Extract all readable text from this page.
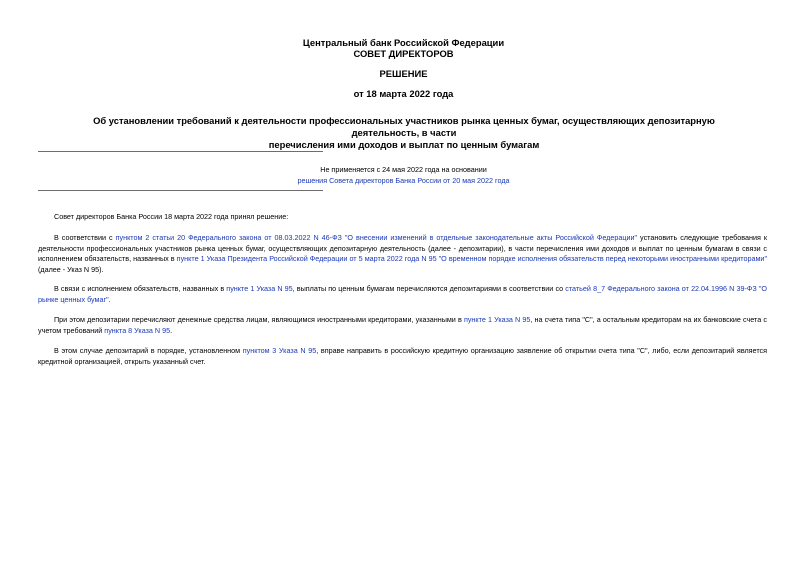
Центральный банк Российской Федерации
СОВЕТ ДИРЕКТОРОВ
РЕШЕНИЕ
от 18 марта 2022 года
Об установлении требований к деятельности профессиональных участников рынка ценных бумаг, осуществляющих депозитарную деятельность, в части
перечисления ими доходов и выплат по ценным бумагам
Не применяется с 24 мая 2022 года на основании
решения Совета директоров Банка России от 20 мая 2022 года
Совет директоров Банка России 18 марта 2022 года принял решение:
В соответствии с пунктом 2 статьи 20 Федерального закона от 08.03.2022 N 46-ФЗ "О внесении изменений в отдельные законодательные акты Российской Федерации" установить следующие требования к деятельности профессиональных участников рынка ценных бумаг, осуществляющих депозитарную деятельность (далее - депозитарии), в части перечисления ими доходов и выплат по ценным бумагам в связи с исполнением обязательств, названных в пункте 1 Указа Президента Российской Федерации от 5 марта 2022 года N 95 "О временном порядке исполнения обязательств перед некоторыми иностранными кредиторами" (далее - Указ N 95).
В связи с исполнением обязательств, названных в пункте 1 Указа N 95, выплаты по ценным бумагам перечисляются депозитариями в соответствии со статьей 8_7 Федерального закона от 22.04.1996 N 39-ФЗ "О рынке ценных бумаг".
При этом депозитарии перечисляют денежные средства лицам, являющимся иностранными кредиторами, указанными в пункте 1 Указа N 95, на счета типа "С", а остальным кредиторам на их банковские счета с учетом требований пункта 8 Указа N 95.
В этом случае депозитарий в порядке, установленном пунктом 3 Указа N 95, вправе направить в российскую кредитную организацию заявление об открытии счета типа "С", либо, если депозитарий является кредитной организацией, открыть указанный счет.
